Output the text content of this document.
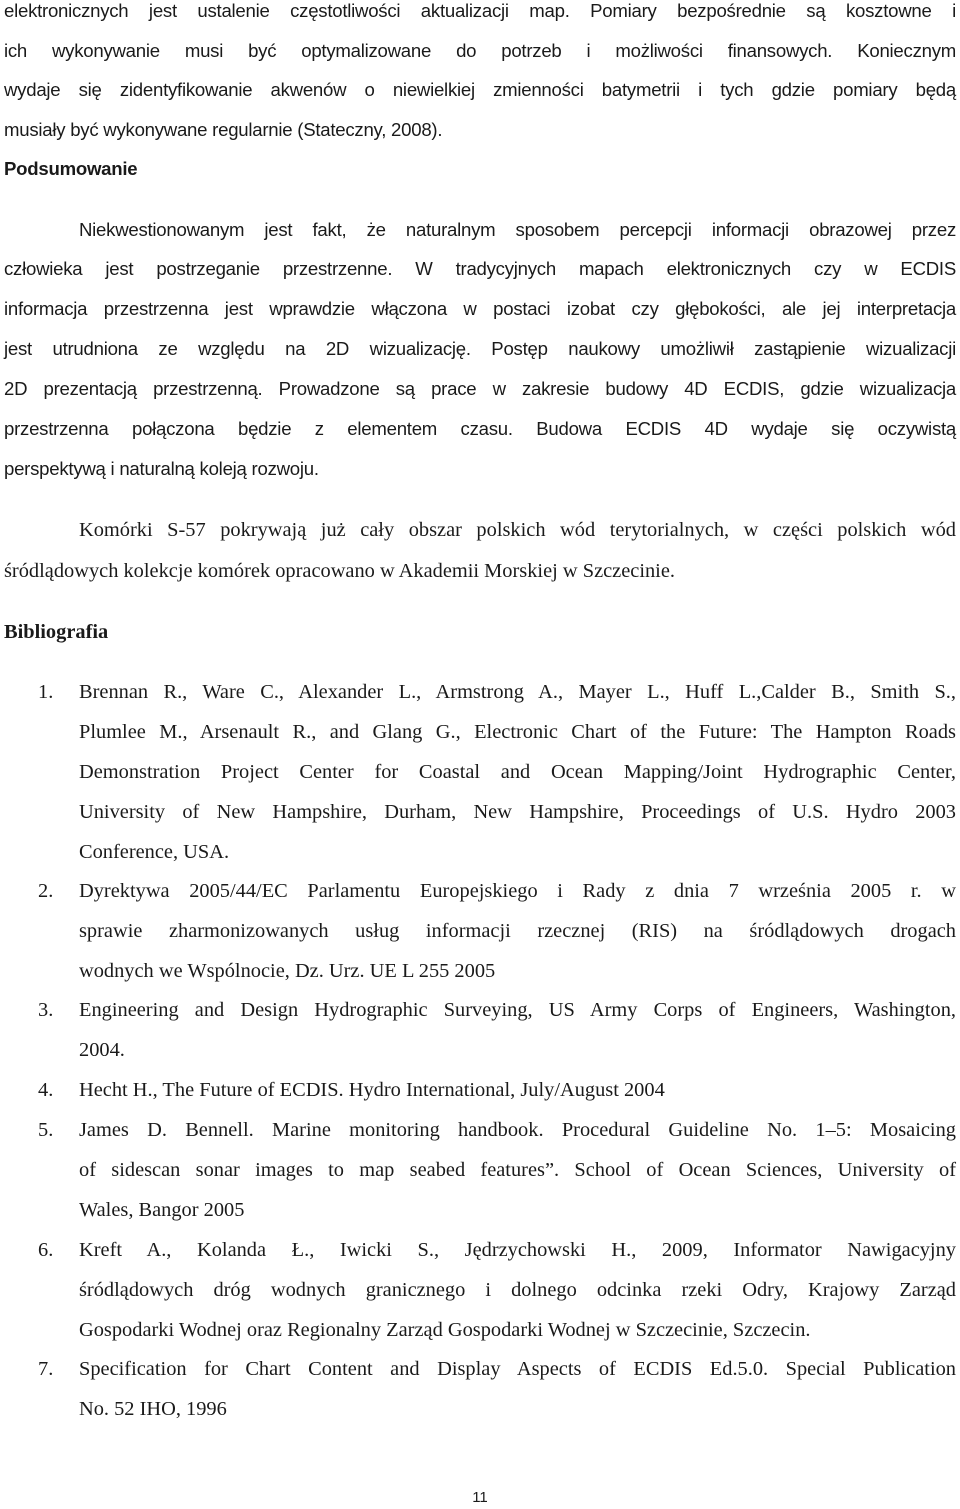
elektronicznych jest ustalenie częstotliwości aktualizacji map. Pomiary bezpośrednie są kosztowne i
ich wykonywanie musi być optymalizowane do potrzeb i możliwości finansowych. Koniecznym
wydaje się zidentyfikowanie akwenów o niewielkiej zmienności batymetrii i tych gdzie pomiary będą
musiały być wykonywane regularnie (Stateczny, 2008).
Podsumowanie
Niekwestionowanym jest fakt, że naturalnym sposobem percepcji informacji obrazowej przez
człowieka jest postrzeganie przestrzenne. W tradycyjnych mapach elektronicznych czy w ECDIS
informacja przestrzenna jest wprawdzie włączona w postaci izobat czy głębokości, ale jej interpretacja
jest utrudniona ze względu na 2D wizualizację. Postęp naukowy umożliwił zastąpienie wizualizacji
2D prezentacją przestrzenną. Prowadzone są prace w zakresie budowy 4D ECDIS, gdzie wizualizacja
przestrzenna połączona będzie z elementem czasu. Budowa ECDIS 4D wydaje się oczywistą
perspektywą i naturalną koleją rozwoju.
Komórki S-57 pokrywają już cały obszar polskich wód terytorialnych, w części polskich wód
śródlądowych kolekcje komórek opracowano w Akademii Morskiej w Szczecinie.
Bibliografia
1. Brennan R., Ware C., Alexander L., Armstrong A., Mayer L., Huff L.,Calder B., Smith S.,
Plumlee M., Arsenault R., and Glang G., Electronic Chart of the Future: The Hampton Roads
Demonstration Project Center for Coastal and Ocean Mapping/Joint Hydrographic Center,
University of New Hampshire, Durham, New Hampshire, Proceedings of U.S. Hydro 2003
Conference, USA.
2. Dyrektywa 2005/44/EC Parlamentu Europejskiego i Rady z dnia 7 września 2005 r. w
sprawie zharmonizowanych usług informacji rzecznej (RIS) na śródlądowych drogach
wodnych we Wspólnocie, Dz. Urz. UE L 255 2005
3. Engineering and Design Hydrographic Surveying, US Army Corps of Engineers, Washington,
2004.
4. Hecht H., The Future of ECDIS. Hydro International, July/August 2004
5. James D. Bennell. Marine monitoring handbook. Procedural Guideline No. 1–5: Mosaicing
of sidescan sonar images to map seabed features”. School of Ocean Sciences, University of
Wales, Bangor 2005
6. Kreft A., Kolanda Ł., Iwicki S., Jędrzychowski H., 2009, Informator Nawigacyjny
śródlądowych dróg wodnych granicznego i dolnego odcinka rzeki Odry, Krajowy Zarząd
Gospodarki Wodnej oraz Regionalny Zarząd Gospodarki Wodnej w Szczecinie, Szczecin.
7. Specification for Chart Content and Display Aspects of ECDIS Ed.5.0. Special Publication
No. 52 IHO, 1996
11
